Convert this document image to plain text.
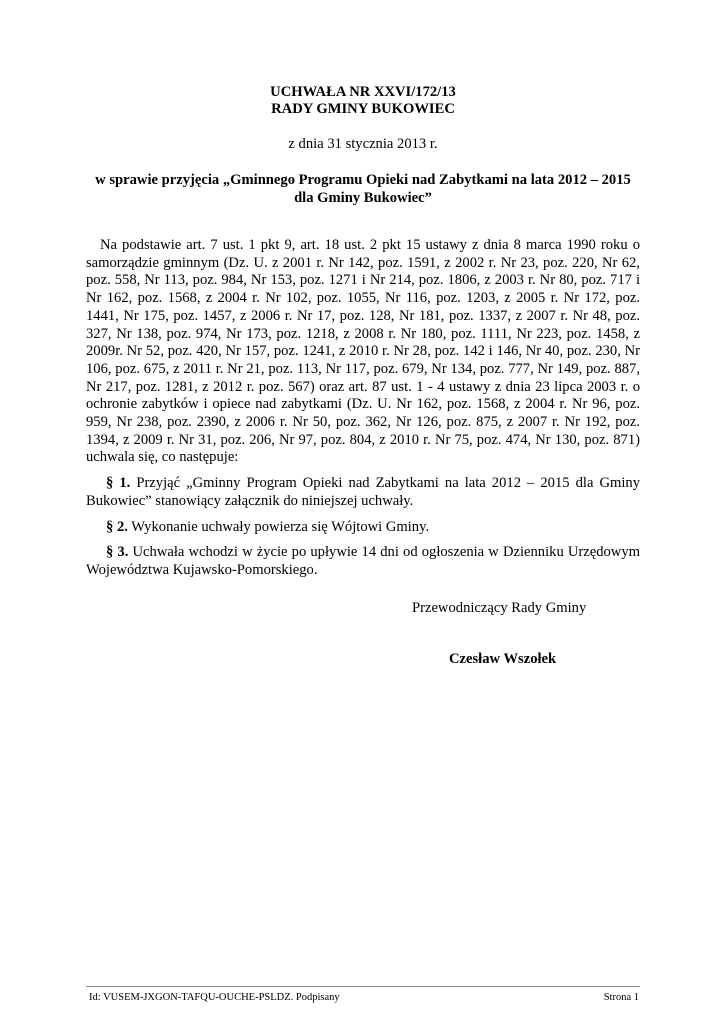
UCHWAŁA NR XXVI/172/13
RADY GMINY BUKOWIEC
z dnia 31 stycznia 2013 r.
w sprawie przyjęcia „Gminnego Programu Opieki nad Zabytkami na lata 2012 – 2015 dla Gminy Bukowiec”
Na podstawie art. 7 ust. 1 pkt 9, art. 18 ust. 2 pkt 15 ustawy z dnia 8 marca 1990 roku o samorządzie gminnym (Dz. U. z 2001 r. Nr 142, poz. 1591, z 2002 r. Nr 23, poz. 220, Nr 62, poz. 558, Nr 113, poz. 984, Nr 153, poz. 1271 i Nr 214, poz. 1806, z 2003 r. Nr 80, poz. 717 i Nr 162, poz. 1568, z 2004 r. Nr 102, poz. 1055, Nr 116, poz. 1203, z 2005 r. Nr 172, poz. 1441, Nr 175, poz. 1457, z 2006 r. Nr 17, poz. 128, Nr 181, poz. 1337, z 2007 r. Nr 48, poz. 327, Nr 138, poz. 974, Nr 173, poz. 1218, z 2008 r. Nr 180, poz. 1111, Nr 223, poz. 1458, z 2009r. Nr 52, poz. 420, Nr 157, poz. 1241, z 2010 r. Nr 28, poz. 142 i 146, Nr 40, poz. 230, Nr 106, poz. 675, z 2011 r. Nr 21, poz. 113, Nr 117, poz. 679, Nr 134, poz. 777, Nr 149, poz. 887, Nr 217, poz. 1281, z 2012 r. poz. 567) oraz art. 87 ust. 1 - 4 ustawy z dnia 23 lipca 2003 r. o ochronie zabytków i opiece nad zabytkami (Dz. U. Nr 162, poz. 1568, z 2004 r. Nr 96, poz. 959, Nr 238, poz. 2390, z 2006 r. Nr 50, poz. 362, Nr 126, poz. 875, z 2007 r. Nr 192, poz. 1394, z 2009 r. Nr 31, poz. 206, Nr 97, poz. 804, z 2010 r. Nr 75, poz. 474, Nr 130, poz. 871) uchwala się, co następuje:
§ 1. Przyjąć „Gminny Program Opieki nad Zabytkami na lata 2012 – 2015 dla Gminy Bukowiec” stanowiący załącznik do niniejszej uchwały.
§ 2. Wykonanie uchwały powierza się Wójtowi Gminy.
§ 3. Uchwała wchodzi w życie po upływie 14 dni od ogłoszenia w Dzienniku Urzędowym Województwa Kujawsko-Pomorskiego.
Przewodniczący Rady Gminy
Czesław Wszołek
Id: VUSEM-JXGON-TAFQU-OUCHE-PSLDZ. Podpisany	Strona 1
